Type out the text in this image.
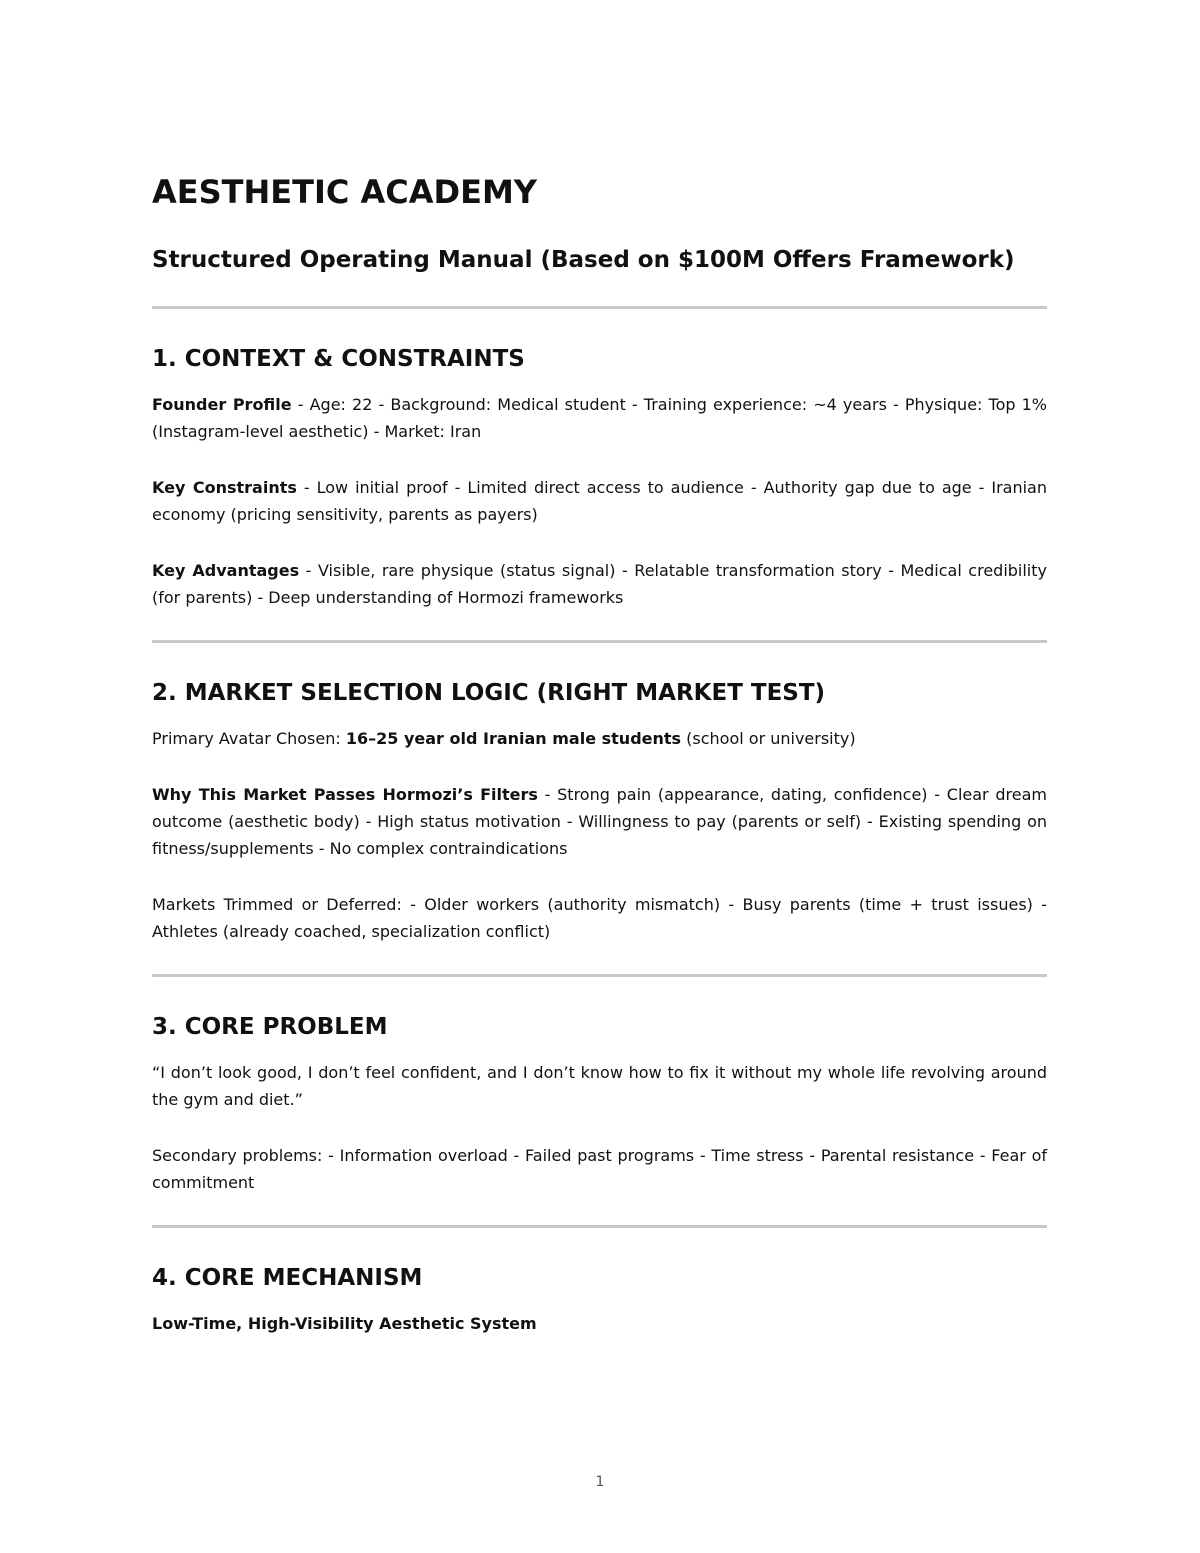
AESTHETIC ACADEMY
Structured Operating Manual (Based on $100M Offers Framework)
1. CONTEXT & CONSTRAINTS

Founder Profile - Age: 22 - Background: Medical student - Training experience: ~4 years - Physique: Top 1% (Instagram-level aesthetic) - Market: Iran

Key Constraints - Low initial proof - Limited direct access to audience - Authority gap due to age - Iranian economy (pricing sensitivity, parents as payers)

Key Advantages - Visible, rare physique (status signal) - Relatable transformation story - Medical credibility (for parents) - Deep understanding of Hormozi frameworks

2. MARKET SELECTION LOGIC (RIGHT MARKET TEST)

Primary Avatar Chosen: 16–25 year old Iranian male students (school or university)

Why This Market Passes Hormozi’s Filters - Strong pain (appearance, dating, confidence) - Clear dream outcome (aesthetic body) - High status motivation - Willingness to pay (parents or self) - Existing spending on fitness/supplements - No complex contraindications

Markets Trimmed or Deferred: - Older workers (authority mismatch) - Busy parents (time + trust issues) - Athletes (already coached, specialization conflict)

3. CORE PROBLEM

“I don’t look good, I don’t feel confident, and I don’t know how to fix it without my whole life revolving around the gym and diet.”

Secondary problems: - Information overload - Failed past programs - Time stress - Parental resistance - Fear of commitment

4. CORE MECHANISM

Low-Time, High-Visibility Aesthetic System

1
